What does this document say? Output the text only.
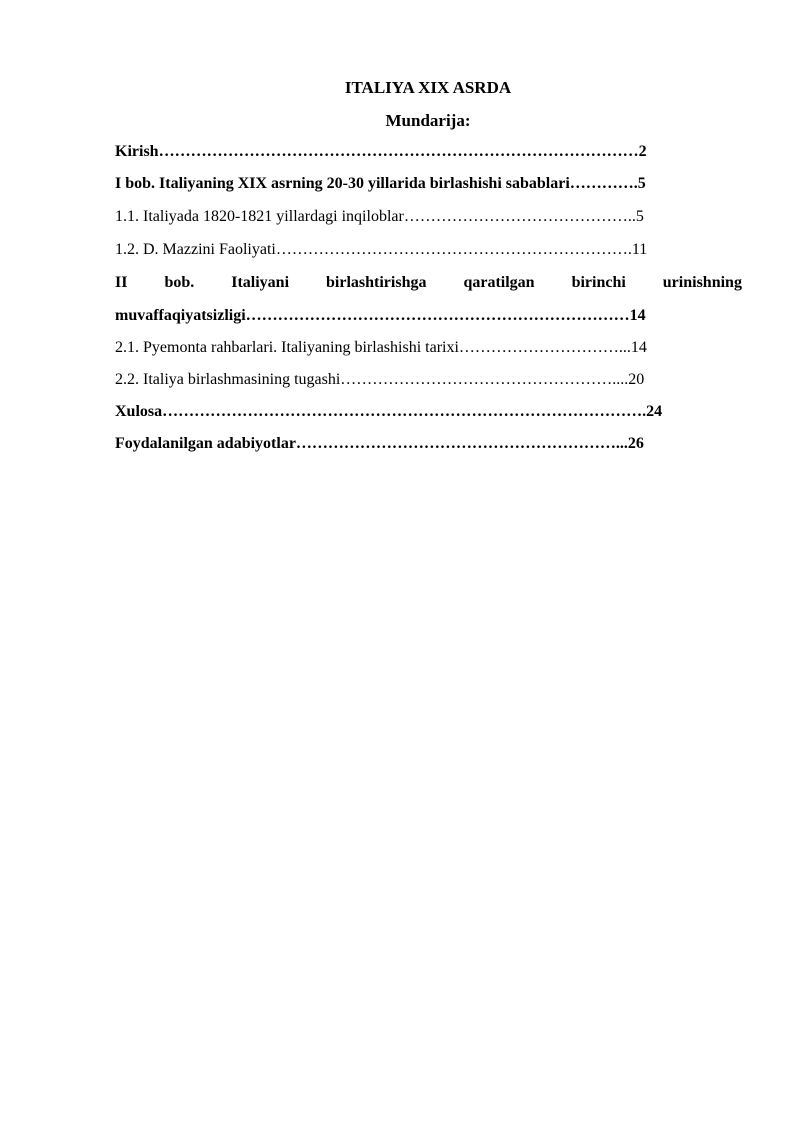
ITALIYA XIX ASRDA
Mundarija:
Kirish………………………………………………………………………………2
I bob. Italiyaning XIX asrning 20-30 yillarida birlashishi sabablari………….5
1.1. Italiyada 1820-1821 yillardagi inqiloblar……………………………………..5
1.2. D. Mazzini Faoliyati………………………………………………………….11
II bob. Italiyani birlashtirishga qaratilgan birinchi urinishning
muvaffaqiyatsizligi………………………………………………………………14
2.1. Pyemonta rahbarlari. Italiyaning birlashishi tarixi…………………………...14
2.2. Italiya birlashmasining tugashi……………………………………………....20
Xulosa……………………………………………………………………………….24
Foydalanilgan adabiyotlar……………………………………………………...26
